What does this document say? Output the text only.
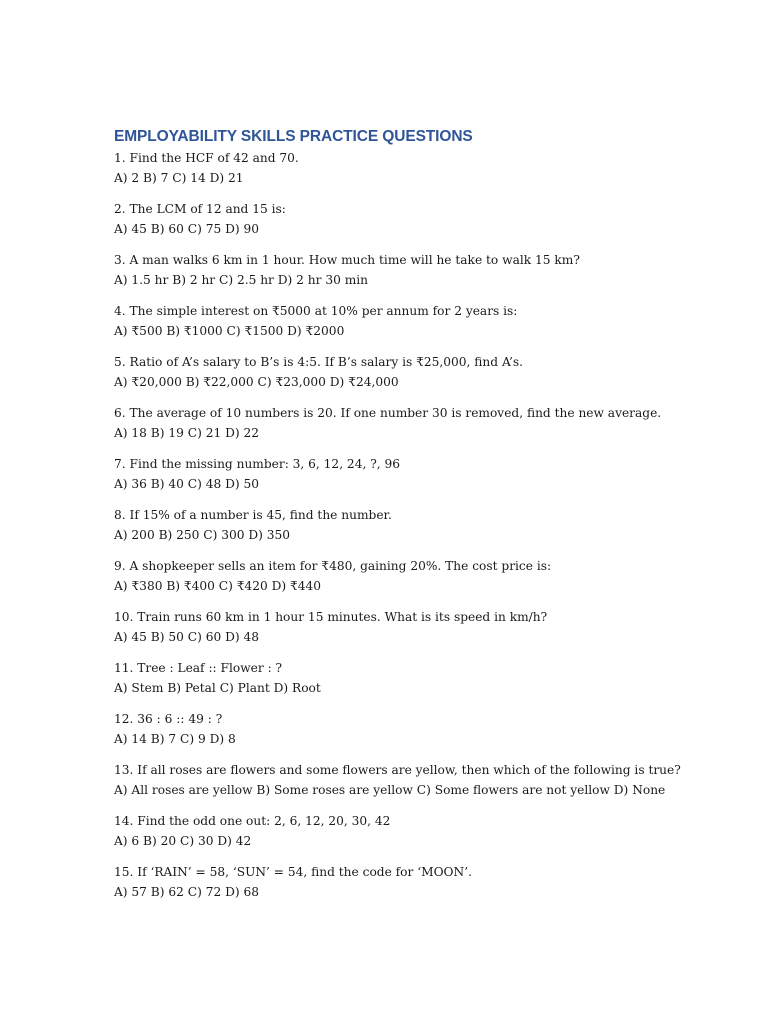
EMPLOYABILITY SKILLS PRACTICE QUESTIONS

1. Find the HCF of 42 and 70.

A) 2 B) 7 C) 14 D) 21

2. The LCM of 12 and 15 is:

A) 45 B) 60 C) 75 D) 90

3. A man walks 6 km in 1 hour. How much time will he take to walk 15 km?

A) 1.5 hr B) 2 hr C) 2.5 hr D) 2 hr 30 min

4. The simple interest on ₹5000 at 10% per annum for 2 years is:

A) ₹500 B) ₹1000 C) ₹1500 D) ₹2000

5. Ratio of A’s salary to B’s is 4:5. If B’s salary is ₹25,000, find A’s.

A) ₹20,000 B) ₹22,000 C) ₹23,000 D) ₹24,000

6. The average of 10 numbers is 20. If one number 30 is removed, find the new average.

A) 18 B) 19 C) 21 D) 22

7. Find the missing number: 3, 6, 12, 24, ?, 96

A) 36 B) 40 C) 48 D) 50

8. If 15% of a number is 45, find the number.

A) 200 B) 250 C) 300 D) 350

9. A shopkeeper sells an item for ₹480, gaining 20%. The cost price is:

A) ₹380 B) ₹400 C) ₹420 D) ₹440

10. Train runs 60 km in 1 hour 15 minutes. What is its speed in km/h?

A) 45 B) 50 C) 60 D) 48

11. Tree : Leaf :: Flower : ?

A) Stem B) Petal C) Plant D) Root

12. 36 : 6 :: 49 : ?

A) 14 B) 7 C) 9 D) 8

13. If all roses are flowers and some flowers are yellow, then which of the following is true?

A) All roses are yellow B) Some roses are yellow C) Some flowers are not yellow D) None

14. Find the odd one out: 2, 6, 12, 20, 30, 42

A) 6 B) 20 C) 30 D) 42

15. If ‘RAIN’ = 58, ‘SUN’ = 54, find the code for ‘MOON’.

A) 57 B) 62 C) 72 D) 68
